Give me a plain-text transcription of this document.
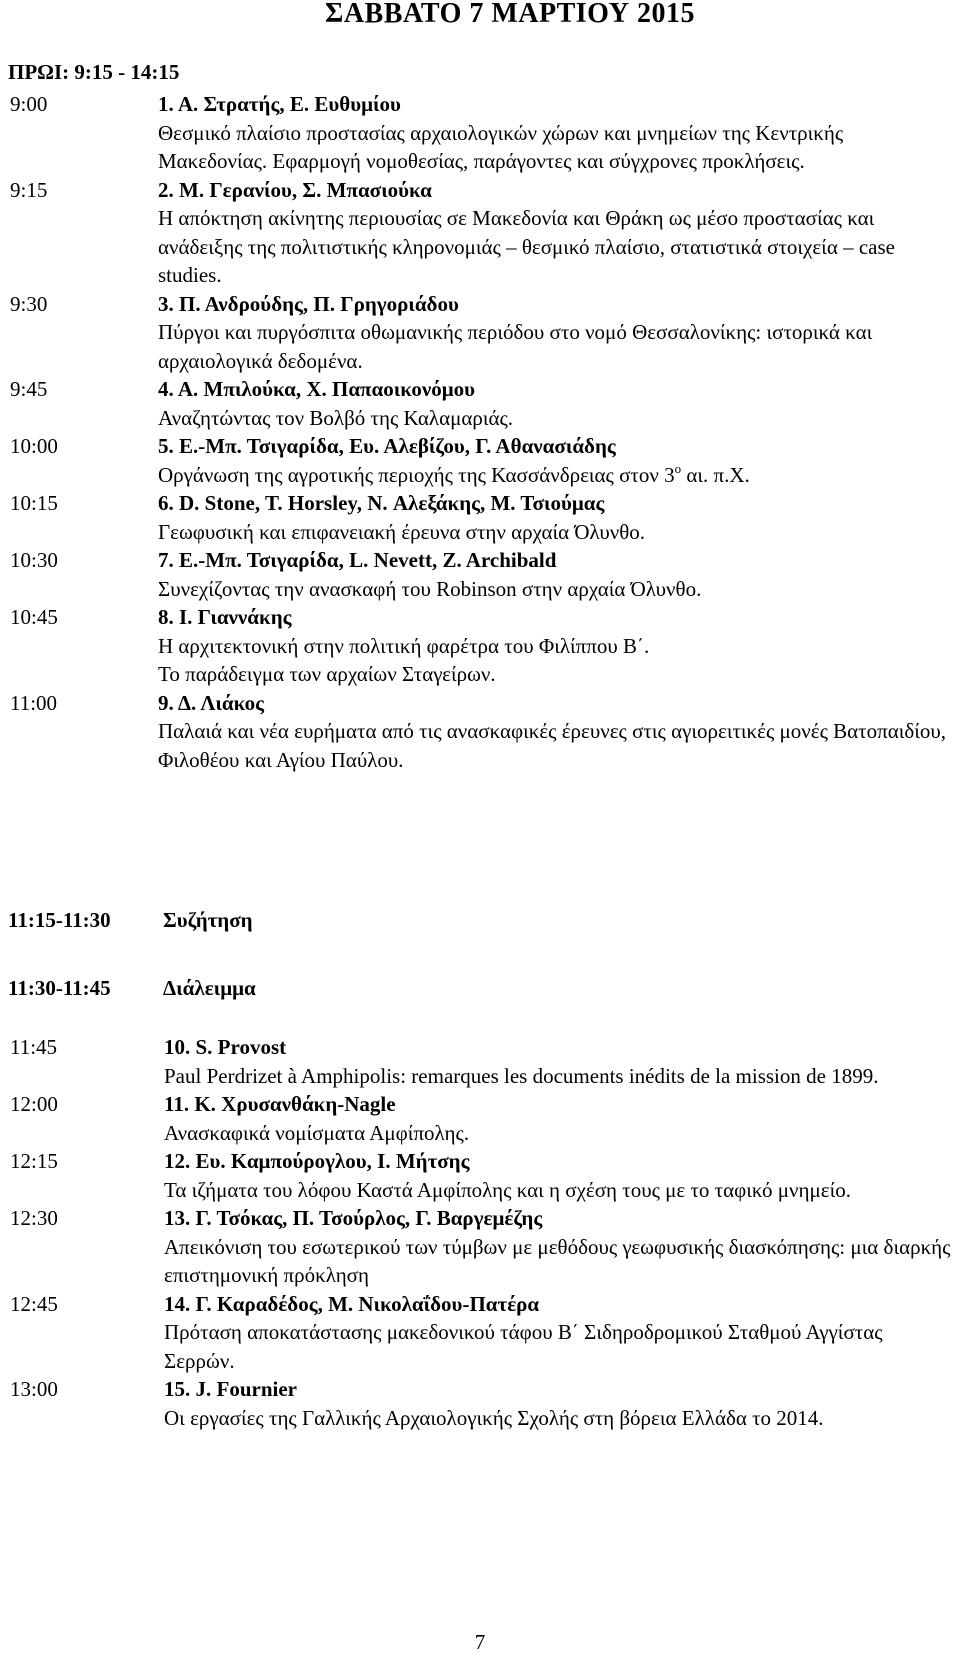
ΣΑΒΒΑΤΟ 7 ΜΑΡΤΙΟΥ 2015
ΠΡΩΙ: 9:15 - 14:15
9:00	1. Α. Στρατής, Ε. Ευθυμίου
Θεσμικό πλαίσιο προστασίας αρχαιολογικών χώρων και μνημείων της Κεντρικής Μακεδονίας. Εφαρμογή νομοθεσίας, παράγοντες και σύγχρονες προκλήσεις.
9:15	2. Μ. Γερανίου, Σ. Μπασιούκα
Η απόκτηση ακίνητης περιουσίας σε Μακεδονία και Θράκη ως μέσο προστασίας και ανάδειξης της πολιτιστικής κληρονομιάς – θεσμικό πλαίσιο, στατιστικά στοιχεία – case studies.
9:30	3. Π. Ανδρούδης, Π. Γρηγοριάδου
Πύργοι και πυργόσπιτα οθωμανικής περιόδου στο νομό Θεσσαλονίκης: ιστορικά και αρχαιολογικά δεδομένα.
9:45	4. Α. Μπιλούκα, Χ. Παπαοικονόμου
Αναζητώντας τον Βολβό της Καλαμαριάς.
10:00	5. Ε.-Μπ. Τσιγαρίδα, Ευ. Αλεβίζου, Γ. Αθανασιάδης
Οργάνωση της αγροτικής περιοχής της Κασσάνδρειας στον $3^o$ αι. π.Χ.
10:15	6. D. Stone, T. Horsley, N. Αλεξάκης, Μ. Τσιούμας
Γεωφυσική και επιφανειακή έρευνα στην αρχαία Όλυνθο.
10:30	7. Ε.-Μπ. Τσιγαρίδα, L. Nevett, Z. Archibald
Συνεχίζοντας την ανασκαφή του Robinson στην αρχαία Όλυνθο.
10:45	8. Ι. Γιαννάκης
Η αρχιτεκτονική στην πολιτική φαρέτρα του Φιλίππου Β΄.
Το παράδειγμα των αρχαίων Σταγείρων.
11:00	9. Δ. Λιάκος
Παλαιά και νέα ευρήματα από τις ανασκαφικές έρευνες στις αγιορειτικές μονές Βατοπαιδίου, Φιλοθέου και Αγίου Παύλου.
11:15-11:30 Συζήτηση
11:30-11:45 Διάλειμμα
11:45	10. S. Provost
Paul Perdrizet à Amphipolis: remarques les documents inédits de la mission de 1899.
12:00	11. Κ. Χρυσανθάκη-Nagle
Ανασκαφικά νομίσματα Αμφίπολης.
12:15	12. Ευ. Καμπούρογλου, Ι. Μήτσης
Τα ιζήματα του λόφου Καστά Αμφίπολης και η σχέση τους με το ταφικό μνημείο.
12:30	13. Γ. Τσόκας, Π. Τσούρλος, Γ. Βαργεμέζης
Απεικόνιση του εσωτερικού των τύμβων με μεθόδους γεωφυσικής διασκόπησης: μια διαρκής επιστημονική πρόκληση
12:45	14. Γ. Καραδέδος, Μ. Νικολαΐδου-Πατέρα
Πρόταση αποκατάστασης μακεδονικού τάφου Β΄ Σιδηροδρομικού Σταθμού Αγγίστας Σερρών.
13:00	15. J. Fournier
Οι εργασίες της Γαλλικής Αρχαιολογικής Σχολής στη βόρεια Ελλάδα το 2014.
7
